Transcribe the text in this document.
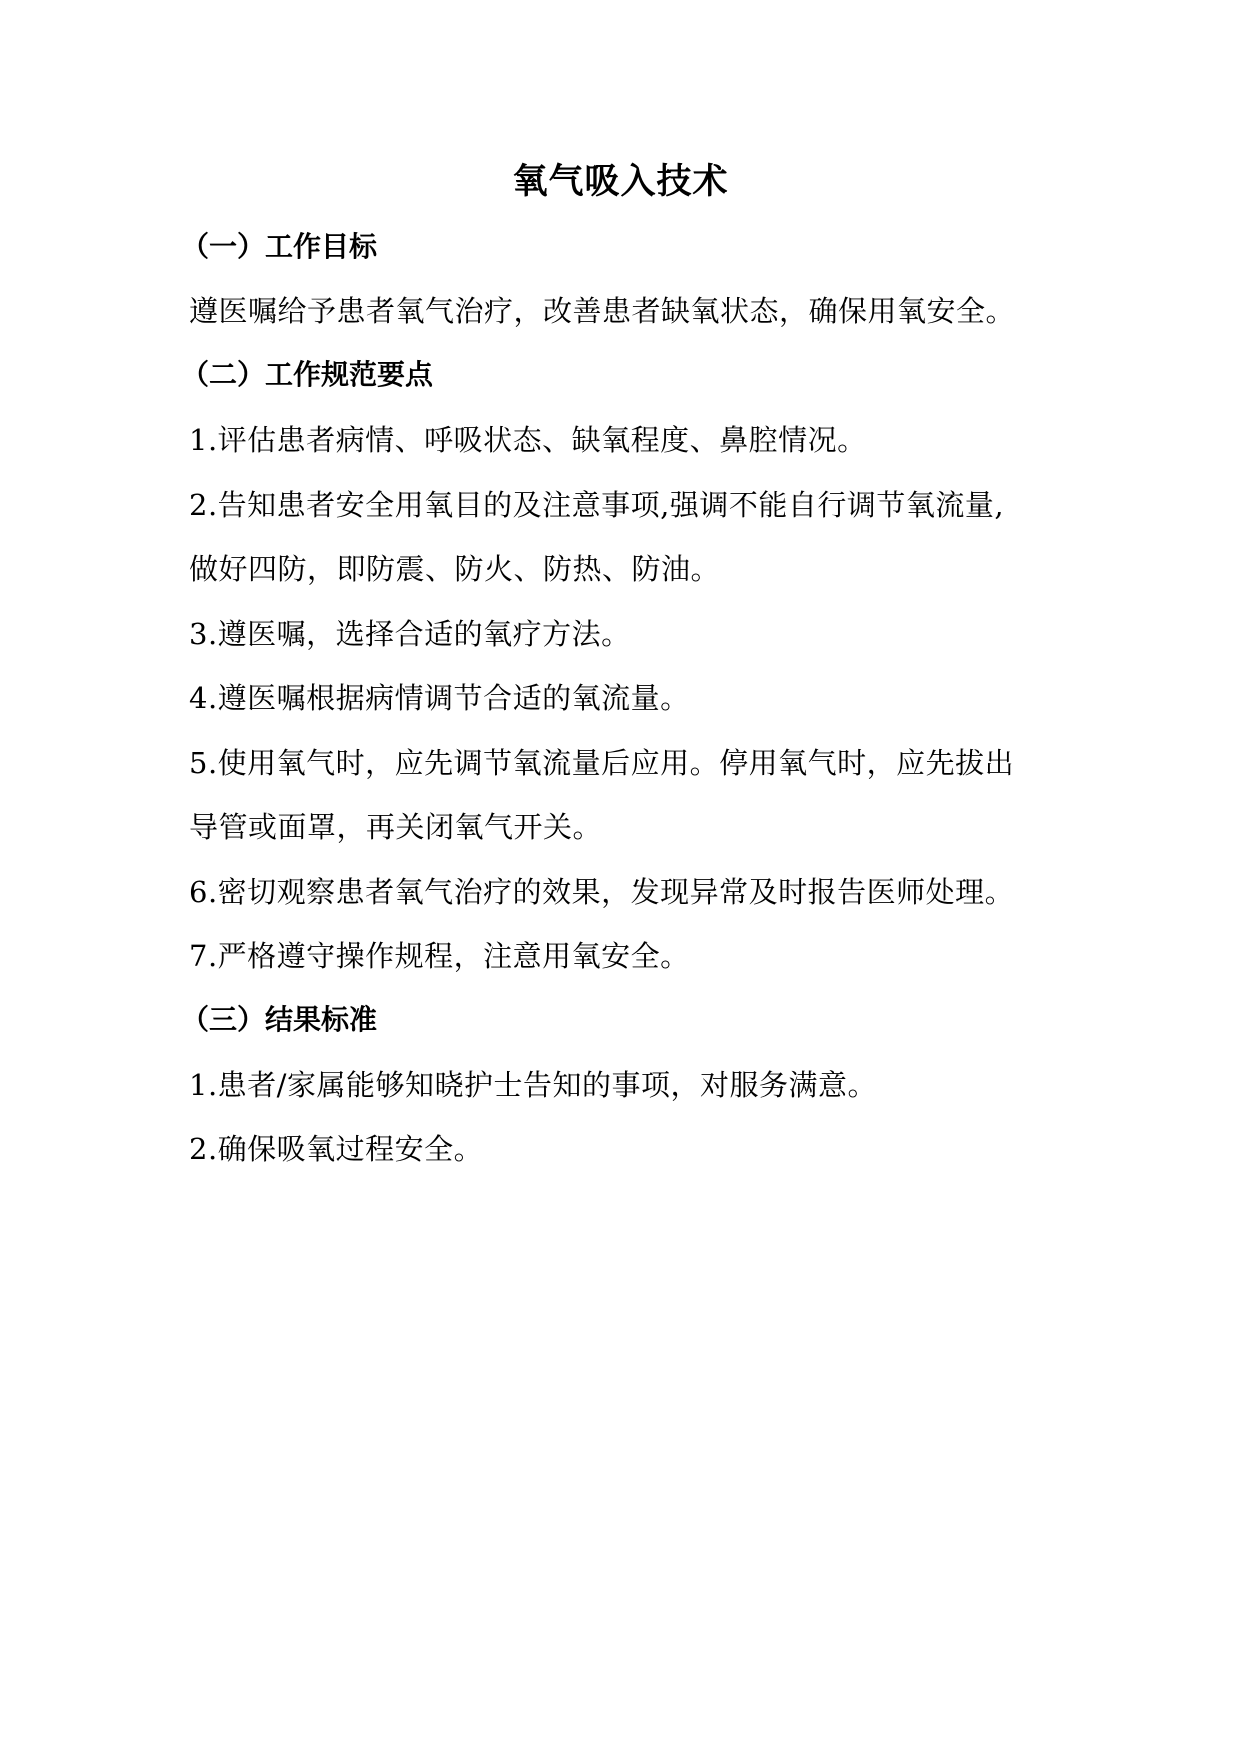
氧气吸入技术
（一）工作目标
遵医嘱给予患者氧气治疗，改善患者缺氧状态，确保用氧安全。
（二）工作规范要点
1.评估患者病情、呼吸状态、缺氧程度、鼻腔情况。
2.告知患者安全用氧目的及注意事项,强调不能自行调节氧流量,
做好四防，即防震、防火、防热、防油。
3.遵医嘱，选择合适的氧疗方法。
4.遵医嘱根据病情调节合适的氧流量。
5.使用氧气时，应先调节氧流量后应用。停用氧气时，应先拔出
导管或面罩，再关闭氧气开关。
6.密切观察患者氧气治疗的效果，发现异常及时报告医师处理。
7.严格遵守操作规程，注意用氧安全。
（三）结果标准
1.患者/家属能够知晓护士告知的事项，对服务满意。
2.确保吸氧过程安全。
